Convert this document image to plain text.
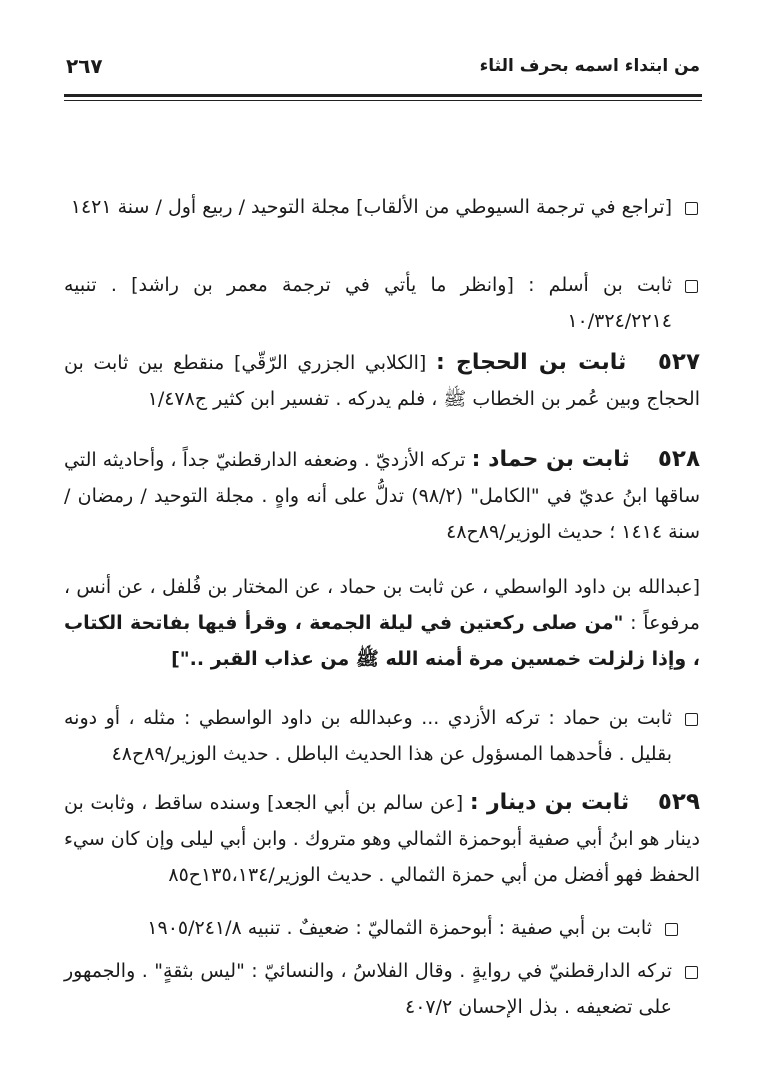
من ابتداء اسمه بحرف الثاء
٢٦٧
[تراجع في ترجمة السيوطي من الألقاب] مجلة التوحيد / ربيع أول / سنة ١٤٢١
ثابت بن أسلم : [وانظر ما يأتي في ترجمة معمر بن راشد] . تنبيه ١٠/٣٢٤/٢٢١٤
٥٢٧ ثابت بن الحجاج : [الكلابي الجزري الرّقّي] منقطع بين ثابت بن الحجاج وبين عُمر بن الخطاب ﷺ ، فلم يدركه . تفسير ابن كثير ج١/٤٧٨
٥٢٨ ثابت بن حماد : تركه الأزديّ . وضعفه الدارقطنيّ جداً ، وأحاديثه التي ساقها ابنُ عديّ في "الكامل" (٩٨/٢) تدلُّ على أنه واهٍ . مجلة التوحيد / رمضان / سنة ١٤١٤ ؛ حديث الوزير/٨٩ح٤٨
[عبدالله بن داود الواسطي ، عن ثابت بن حماد ، عن المختار بن فُلفل ، عن أنس ، مرفوعاً : "من صلى ركعتين في ليلة الجمعة ، وقرأ فيها بفاتحة الكتاب ، وإذا زلزلت خمسين مرة أمنه الله ﷺ من عذاب القبر .."]
ثابت بن حماد : تركه الأزدي ... وعبدالله بن داود الواسطي : مثله ، أو دونه بقليل . فأحدهما المسؤول عن هذا الحديث الباطل . حديث الوزير/٨٩ح٤٨
٥٢٩ ثابت بن دينار : [عن سالم بن أبي الجعد] وسنده ساقط ، وثابت بن دينار هو ابنُ أبي صفية أبوحمزة الثمالي وهو متروك . وابن أبي ليلى وإن كان سيء الحفظ فهو أفضل من أبي حمزة الثمالي . حديث الوزير/١٣٥،١٣٤ح٨٥
ثابت بن أبي صفية : أبوحمزة الثماليّ : ضعيفٌ . تنبيه ١٩٠٥/٢٤١/٨
تركه الدارقطنيّ في روايةٍ . وقال الفلاسُ ، والنسائيّ : "ليس بثقةٍ" . والجمهور على تضعيفه . بذل الإحسان ٤٠٧/٢
